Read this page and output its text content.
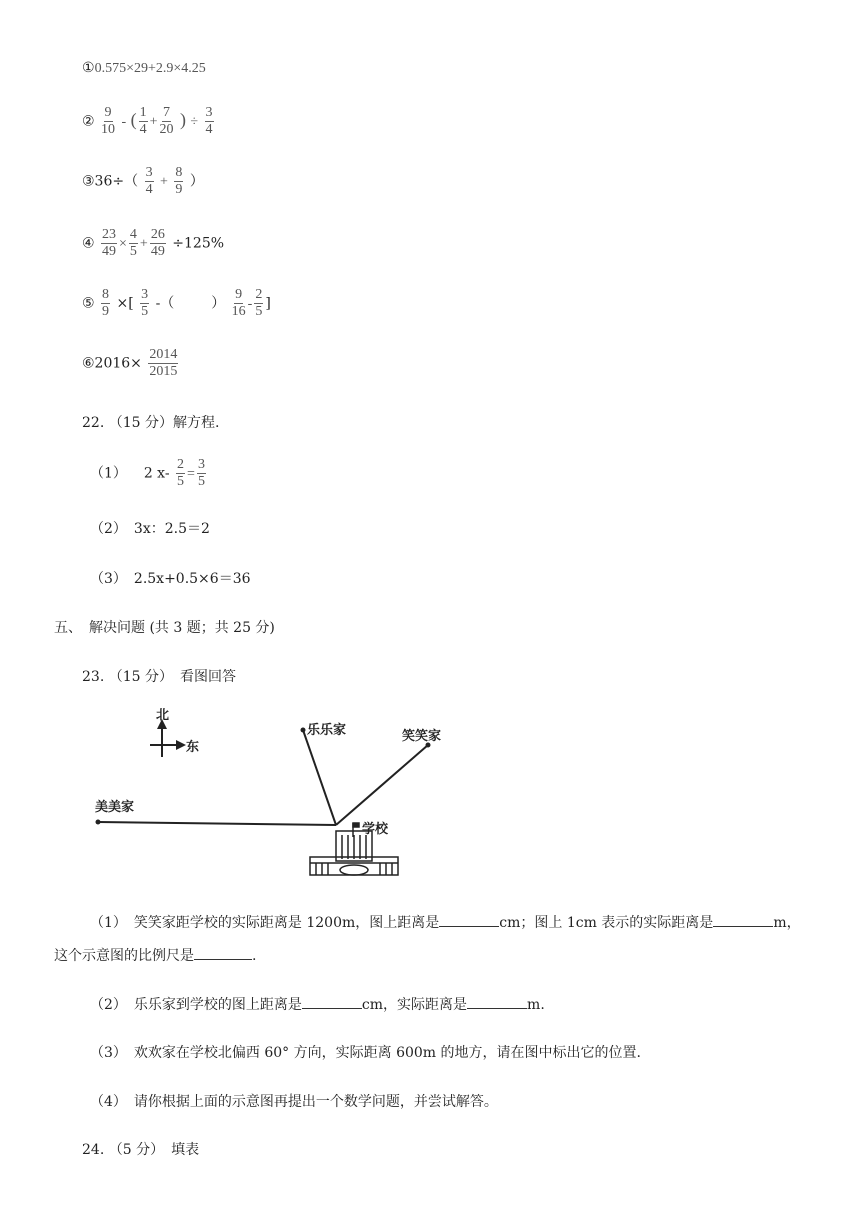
①0.575×29+2.9×4.25
② $\frac{9}{10}$ - ( $\frac{1}{4} + \frac{7}{20}$ ) ÷ $\frac{3}{4}$
③36÷（ $\frac{3}{4} + \frac{8}{9}$ ）
④ $\frac{23}{49} \times \frac{4}{5} + \frac{26}{49} \div 125\%$
⑤ $\frac{8}{9}$ ×[ $\frac{3}{5}$ -（	） $\frac{9}{16} - \frac{2}{5}$ ]
⑥2016× $\frac{2014}{2015}$
22. （15 分）解方程.
（1） 2 $x- \frac{2}{5} = \frac{3}{5}$
（2）　3x：2.5＝2
（3）　2.5x+0.5×6＝36
五、　解决问题 (共 3 题；共 25 分)
23. （15 分）　看图回答
北
东
美美家
乐乐家	笑笑家
学校
（1）　笑笑家距学校的实际距离是 1200m，图上距离是	cm；图上 1cm 表示的实际距离是	m，
这个示意图的比例尺是	.
（2）　乐乐家到学校的图上距离是	cm，实际距离是	m.
（3）　欢欢家在学校北偏西 60° 方向，实际距离 600m 的地方，请在图中标出它的位置.
（4）　请你根据上面的示意图再提出一个数学问题，并尝试解答。
24. （5 分）　填表
